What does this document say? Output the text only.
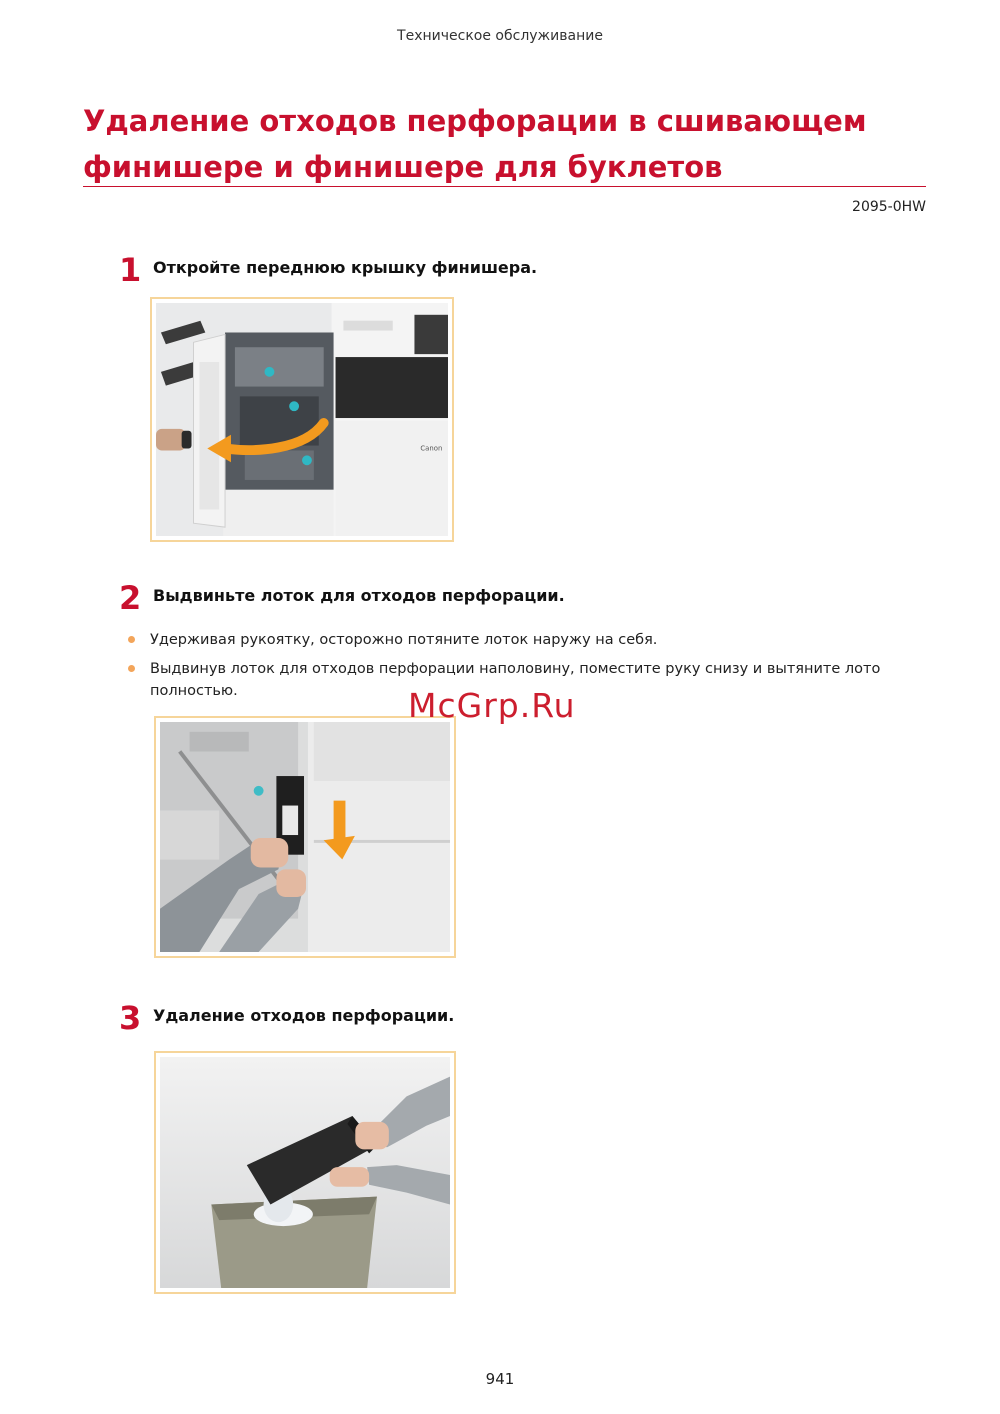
Техническое обслуживание
Удаление отходов перфорации в сшивающем
финишере и финишере для буклетов
2095-0HW
1 Откройте переднюю крышку финишера.
Canon
2 Выдвиньте лоток для отходов перфорации.
Удерживая рукоятку, осторожно потяните лоток наружу на себя.
Выдвинув лоток для отходов перфорации наполовину, поместите руку снизу и вытяните лото
полностью.
3 Удаление отходов перфорации.
McGrp.Ru
941
